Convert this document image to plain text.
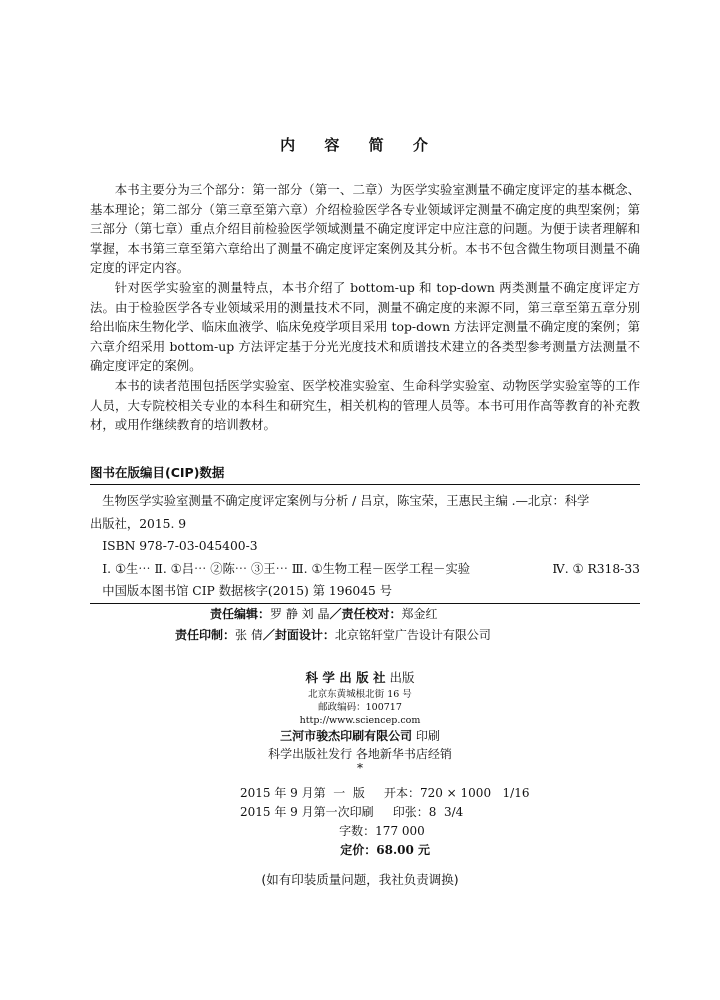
内 容 简 介

本书主要分为三个部分：第一部分（第一、二章）为医学实验室测量不确定度评定的基本概念、基本理论；第二部分（第三章至第六章）介绍检验医学各专业领域评定测量不确定度的典型案例；第三部分（第七章）重点介绍目前检验医学领域测量不确定度评定中应注意的问题。为便于读者理解和掌握，本书第三章至第六章给出了测量不确定度评定案例及其分析。本书不包含微生物项目测量不确定度的评定内容。

针对医学实验室的测量特点，本书介绍了 bottom-up 和 top-down 两类测量不确定度评定方法。由于检验医学各专业领域采用的测量技术不同，测量不确定度的来源不同，第三章至第五章分别给出临床生物化学、临床血液学、临床免疫学项目采用 top-down 方法评定测量不确定度的案例；第六章介绍采用 bottom-up 方法评定基于分光光度技术和质谱技术建立的各类型参考测量方法测量不确定度评定的案例。

本书的读者范围包括医学实验室、医学校准实验室、生命科学实验室、动物医学实验室等的工作人员，大专院校相关专业的本科生和研究生，相关机构的管理人员等。本书可用作高等教育的补充教材，或用作继续教育的培训教材。

图书在版编目(CIP)数据
生物医学实验室测量不确定度评定案例与分析 / 吕京，陈宝荣，王惠民主编 .—北京：科学
出版社，2015. 9
ISBN 978-7-03-045400-3
Ⅰ. ①生⋯ Ⅱ. ①吕⋯ ②陈⋯ ③王⋯ Ⅲ. ①生物工程－医学工程－实验	Ⅳ. ① R318-33
中国版本图书馆 CIP 数据核字(2015) 第 196045 号
责任编辑：罗 静 刘 晶／责任校对：郑金红
责任印制：张 倩／封面设计：北京铭轩堂广告设计有限公司
科 学 出 版 社 出版
北京东黄城根北街 16 号
邮政编码：100717
http://www.sciencep.com
三河市骏杰印刷有限公司 印刷
科学出版社发行 各地新华书店经销
*
2015 年 9 月第  一  版     开本：720 × 1000   1/16
2015 年 9 月第一次印刷     印张：8  3/4
字数：177 000
定价：68.00 元
(如有印装质量问题，我社负责调换)
